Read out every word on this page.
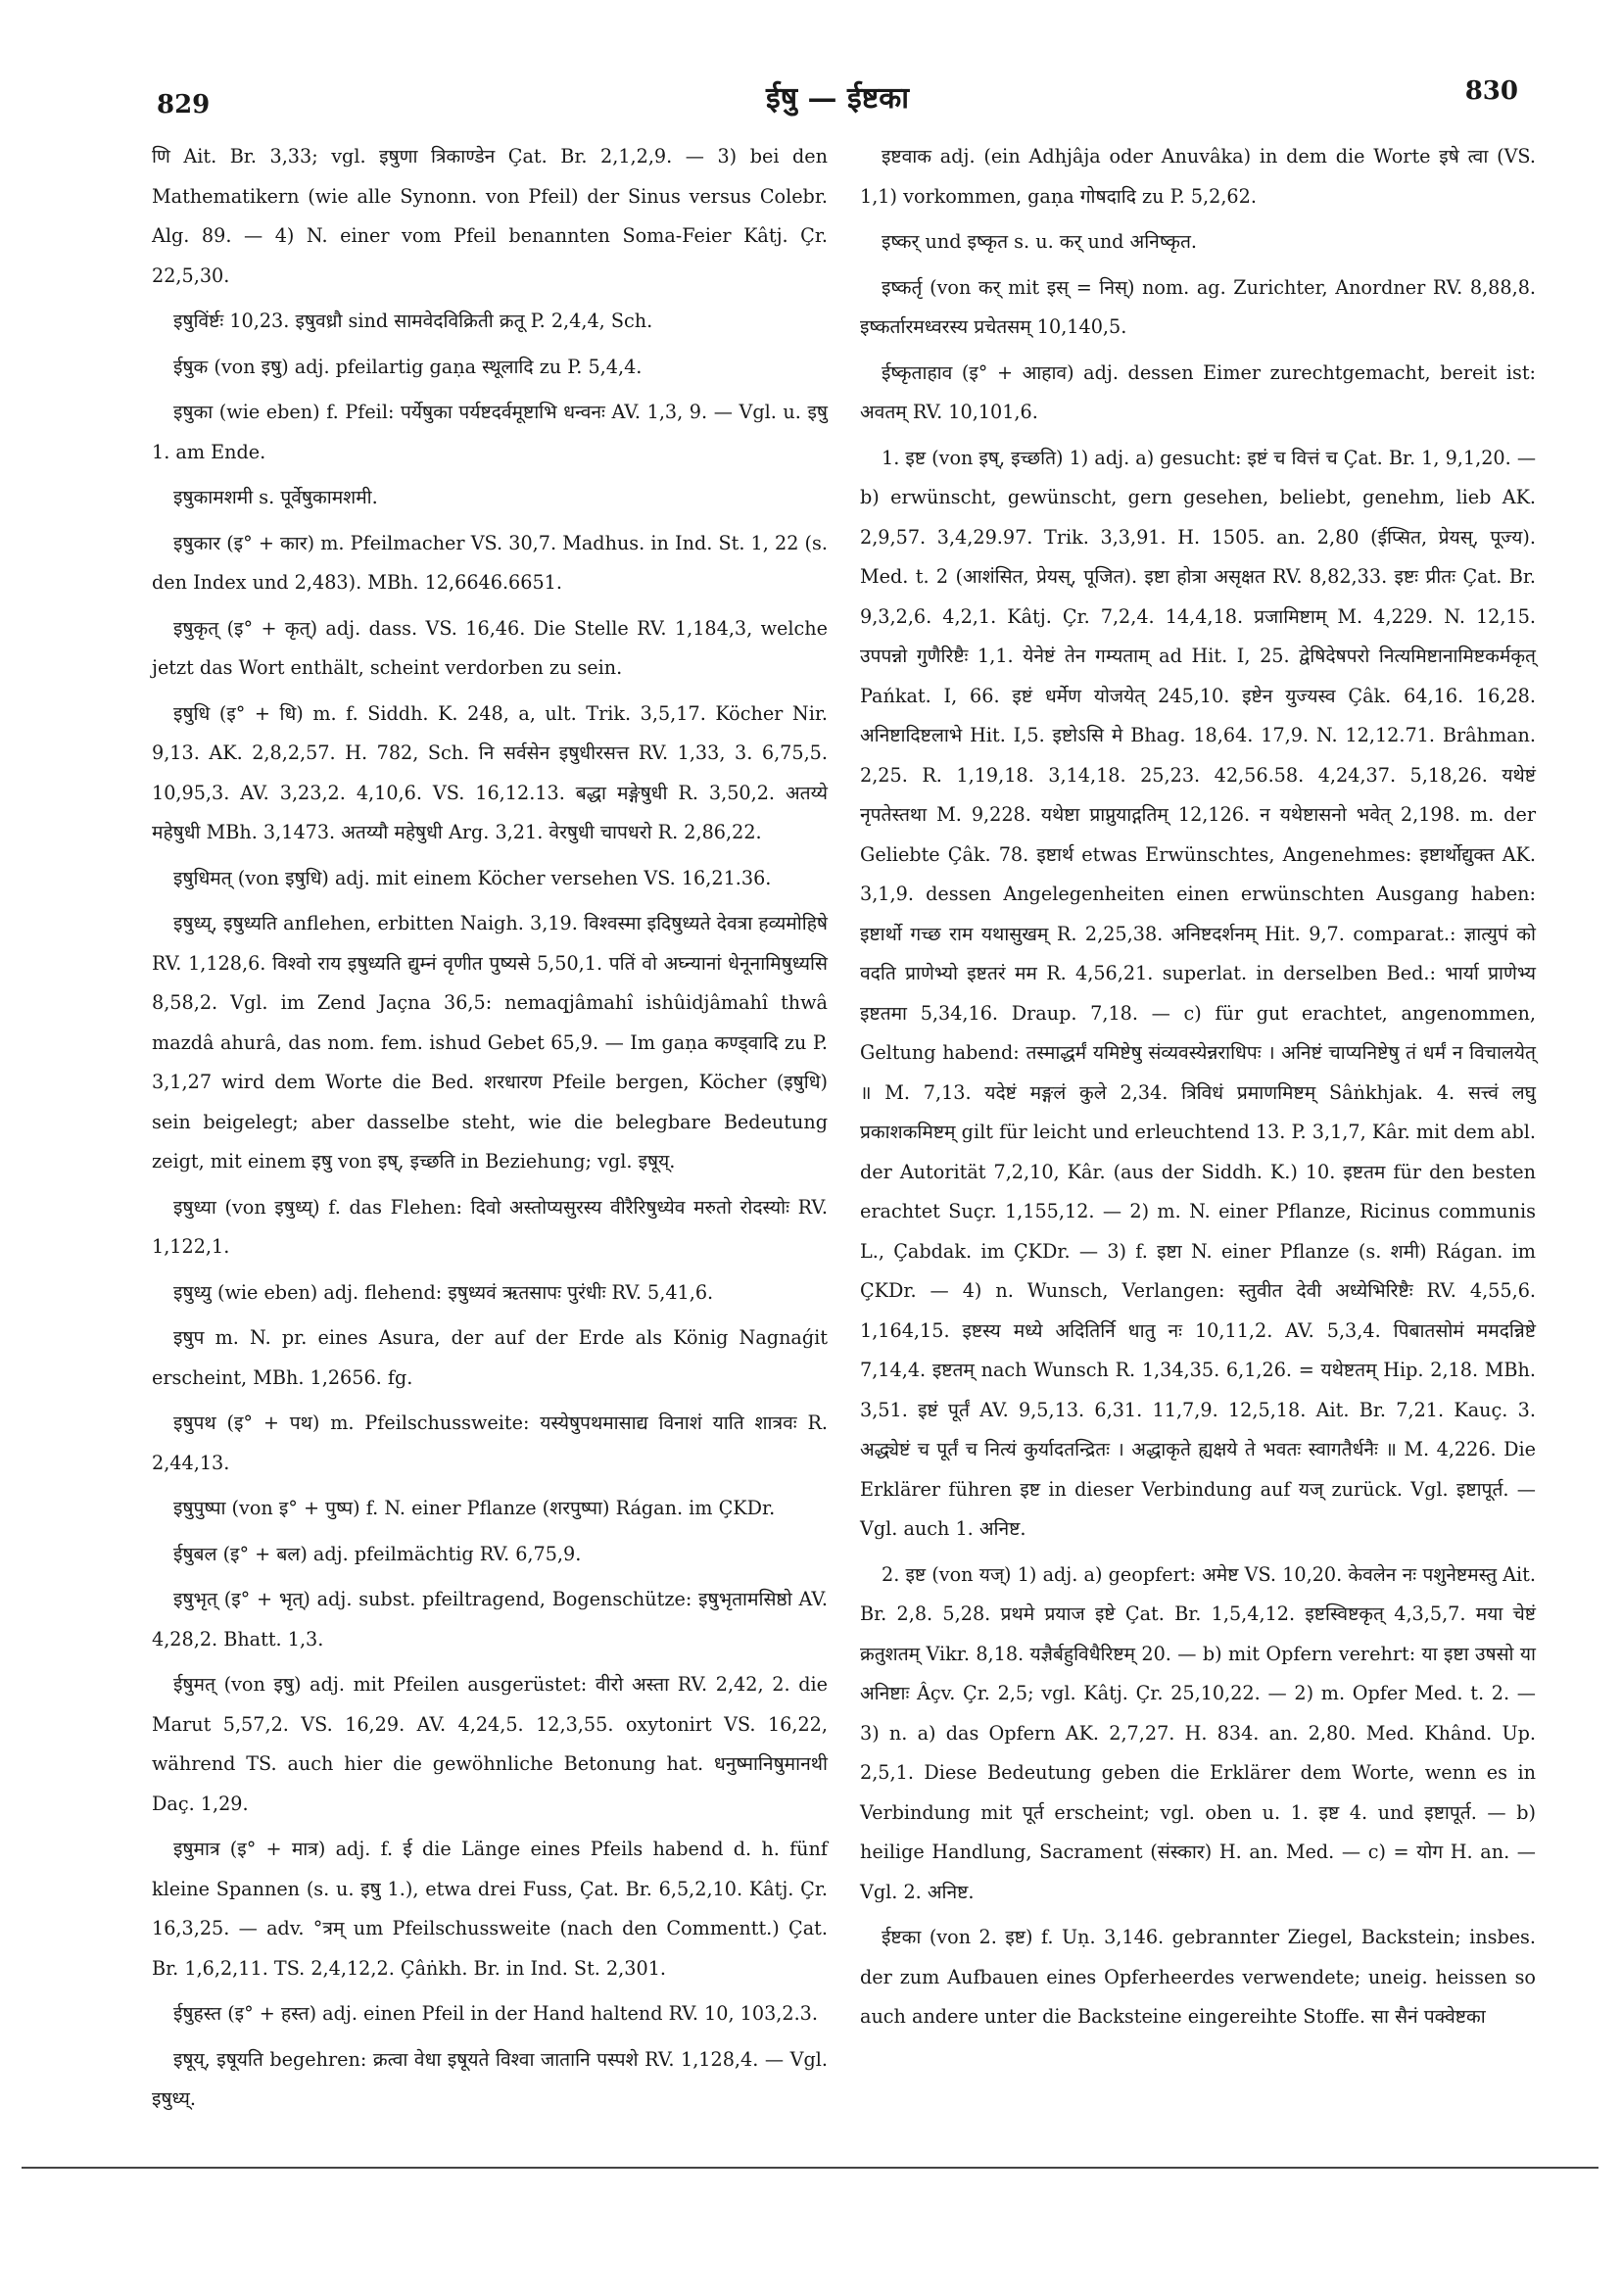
829	ईषु — ईष्टका	830

णि Ait. Br. 3,33; vgl. इषुणा त्रिकाण्डेन Çat. Br. 2,1,2,9. — 3) bei den Mathematikern (wie alle Synonn. von Pfeil) der Sinus versus Colebr. Alg. 89. — 4) N. einer vom Pfeil benannten Soma-Feier Kâtj. Çr. 22,5,30.

इषुविंर्ष्टः 10,23. इषुवध्रौ sind सामवेदविक्रिती क्रतू P. 2,4,4, Sch.

ईषुक (von इषु) adj. pfeilartig gaṇa स्थूलादि zu P. 5,4,4.

इषुका (wie eben) f. Pfeil: पर्येषुका पर्यष्टदर्वमूष्टाभि धन्वनः AV. 1,3, 9. — Vgl. u. इषु 1. am Ende.

इषुकामशमी s. पूर्वेषुकामशमी.

इषुकार (इ° + कार) m. Pfeilmacher VS. 30,7. Madhus. in Ind. St. 1, 22 (s. den Index und 2,483). MBh. 12,6646.6651.

इषुकृत् (इ° + कृत्) adj. dass. VS. 16,46. Die Stelle RV. 1,184,3, welche jetzt das Wort enthält, scheint verdorben zu sein.

इषुधि (इ° + धि) m. f. Siddh. K. 248, a, ult. Trik. 3,5,17. Köcher Nir. 9,13. AK. 2,8,2,57. H. 782, Sch. नि सर्वसेन इषुधीरसत्त RV. 1,33, 3. 6,75,5. 10,95,3. AV. 3,23,2. 4,10,6. VS. 16,12.13. बद्धा मङ्गेषुधी R. 3,50,2. अतय्ये महेषुधी MBh. 3,1473. अतय्यौ महेषुधी Arg. 3,21. वेरषुधी चापधरो R. 2,86,22.

इषुधिमत् (von इषुधि) adj. mit einem Köcher versehen VS. 16,21.36.

इषुध्य्, इषुध्यति anflehen, erbitten Naigh. 3,19. विश्वस्मा इदिषुध्यते देवत्रा हव्यमोहिषे RV. 1,128,6. विश्वो राय इषुध्यति द्युम्नं वृणीत पुष्यसे 5,50,1. पतिं वो अघ्न्यानां धेनूनामिषुध्यसि 8,58,2. Vgl. im Zend Jaçna 36,5: nemaqjâmahî ishûidjâmahî thwâ mazdâ ahurâ, das nom. fem. ishud Gebet 65,9. — Im gaṇa कण्ड्वादि zu P. 3,1,27 wird dem Worte die Bed. शरधारण Pfeile bergen, Köcher (इषुधि) sein beigelegt; aber dasselbe steht, wie die belegbare Bedeutung zeigt, mit einem इषु von इष्, इच्छति in Beziehung; vgl. इषूय्.

इषुध्या (von इषुध्य्) f. das Flehen: दिवो अस्तोप्यसुरस्य वीरैरिषुध्येव मरुतो रोदस्योः RV. 1,122,1.

इषुध्यु (wie eben) adj. flehend: इषुध्यवं ऋतसापः पुरंधीः RV. 5,41,6.

इषुप m. N. pr. eines Asura, der auf der Erde als König Nagnaǵit erscheint, MBh. 1,2656. fg.

इषुपथ (इ° + पथ) m. Pfeilschussweite: यस्येषुपथमासाद्य विनाशं याति शात्रवः R. 2,44,13.

इषुपुष्पा (von इ° + पुष्प) f. N. einer Pflanze (शरपुष्पा) Rágan. im ÇKDr.

ईषुबल (इ° + बल) adj. pfeilmächtig RV. 6,75,9.

इषुभृत् (इ° + भृत्) adj. subst. pfeiltragend, Bogenschütze: इषुभृतामसिष्ठो AV. 4,28,2. Bhatt. 1,3.

ईषुमत् (von इषु) adj. mit Pfeilen ausgerüstet: वीरो अस्ता RV. 2,42, 2. die Marut 5,57,2. VS. 16,29. AV. 4,24,5. 12,3,55. oxytonirt VS. 16,22, während TS. auch hier die gewöhnliche Betonung hat. धनुष्मानिषुमानथी Daç. 1,29.

इषुमात्र (इ° + मात्र) adj. f. ई die Länge eines Pfeils habend d. h. fünf kleine Spannen (s. u. इषु 1.), etwa drei Fuss, Çat. Br. 6,5,2,10. Kâtj. Çr. 16,3,25. — adv. °त्रम् um Pfeilschussweite (nach den Commentt.) Çat. Br. 1,6,2,11. TS. 2,4,12,2. Çâṅkh. Br. in Ind. St. 2,301.

ईषुहस्त (इ° + हस्त) adj. einen Pfeil in der Hand haltend RV. 10, 103,2.3.

इषूय्, इषूयति begehren: क्रत्वा वेधा इषूयते विश्वा जातानि पस्पशे RV. 1,128,4. — Vgl. इषुध्य्.

इष्टवाक adj. (ein Adhjâja oder Anuvâka) in dem die Worte इषे त्वा (VS. 1,1) vorkommen, gaṇa गोषदादि zu P. 5,2,62.

इष्कर् und इष्कृत s. u. कर् und अनिष्कृत.

इष्कर्तृ (von कर् mit इस् = निस्) nom. ag. Zurichter, Anordner RV. 8,88,8. इष्कर्तारमध्वरस्य प्रचेतसम् 10,140,5.

ईष्कृताहाव (इ° + आहाव) adj. dessen Eimer zurechtgemacht, bereit ist: अवतम् RV. 10,101,6.

1. इष्ट (von इष्, इच्छति) 1) adj. a) gesucht: इष्टं च वित्तं च Çat. Br. 1, 9,1,20. — b) erwünscht, gewünscht, gern gesehen, beliebt, genehm, lieb AK. 2,9,57. 3,4,29.97. Trik. 3,3,91. H. 1505. an. 2,80 (ईप्सित, प्रेयस्, पूज्य). Med. t. 2 (आशंसित, प्रेयस्, पूजित). इष्टा होत्रा असृक्षत RV. 8,82,33. इष्टः प्रीतः Çat. Br. 9,3,2,6. 4,2,1. Kâtj. Çr. 7,2,4. 14,4,18. प्रजामिष्टाम् M. 4,229. N. 12,15. उपपन्नो गुणैरिष्टैः 1,1. येनेष्टं तेन गम्यताम् ad Hit. I, 25. द्वेषिदेषपरो नित्यमिष्टानामिष्टकर्मकृत् Pańkat. I, 66. इष्टं धर्मेण योजयेत् 245,10. इष्टेन युज्यस्व Çâk. 64,16. 16,28. अनिष्टादिष्टलाभे Hit. I,5. इष्टोऽसि मे Bhag. 18,64. 17,9. N. 12,12.71. Brâhman. 2,25. R. 1,19,18. 3,14,18. 25,23. 42,56.58. 4,24,37. 5,18,26. यथेष्टं नृपतेस्तथा M. 9,228. यथेष्टा प्राप्नुयाद्गतिम् 12,126. न यथेष्टासनो भवेत् 2,198. m. der Geliebte Çâk. 78. इष्टार्थ etwas Erwünschtes, Angenehmes: इष्टार्थोद्युक्त AK. 3,1,9. dessen Angelegenheiten einen erwünschten Ausgang haben: इष्टार्थो गच्छ राम यथासुखम् R. 2,25,38. अनिष्टदर्शनम् Hit. 9,7. comparat.: ज्ञात्युपं को वदति प्राणेभ्यो इष्टतरं मम R. 4,56,21. superlat. in derselben Bed.: भार्या प्राणेभ्य इष्टतमा 5,34,16. Draup. 7,18. — c) für gut erachtet, angenommen, Geltung habend: तस्माद्धर्मं यमिष्टेषु संव्यवस्येन्नराधिपः । अनिष्टं चाप्यनिष्टेषु तं धर्मं न विचालयेत् ॥ M. 7,13. यदेष्टं मङ्गलं कुले 2,34. त्रिविधं प्रमाणमिष्टम् Sâṅkhjak. 4. सत्त्वं लघु प्रकाशकमिष्टम् gilt für leicht und erleuchtend 13. P. 3,1,7, Kâr. mit dem abl. der Autorität 7,2,10, Kâr. (aus der Siddh. K.) 10. इष्टतम für den besten erachtet Suçr. 1,155,12. — 2) m. N. einer Pflanze, Ricinus communis L., Çabdak. im ÇKDr. — 3) f. इष्टा N. einer Pflanze (s. शमी) Rágan. im ÇKDr. — 4) n. Wunsch, Verlangen: स्तुवीत देवी अध्येभिरिष्टैः RV. 4,55,6. 1,164,15. इष्टस्य मध्ये अदितिर्नि धातु नः 10,11,2. AV. 5,3,4. पिबातसोमं ममदन्निष्टे 7,14,4. इष्टतम् nach Wunsch R. 1,34,35. 6,1,26. = यथेष्टतम् Hip. 2,18. MBh. 3,51. इष्टं पूर्तं AV. 9,5,13. 6,31. 11,7,9. 12,5,18. Ait. Br. 7,21. Kauç. 3. अद्ध्येष्टं च पूर्तं च नित्यं कुर्यादतन्द्रितः । अद्धाकृते ह्यक्षये ते भवतः स्वागतैर्धनैः ॥ M. 4,226. Die Erklärer führen इष्ट in dieser Verbindung auf यज् zurück. Vgl. इष्टापूर्त. — Vgl. auch 1. अनिष्ट.

2. इष्ट (von यज्) 1) adj. a) geopfert: अमेष्ट VS. 10,20. केवलेन नः पशुनेष्टमस्तु Ait. Br. 2,8. 5,28. प्रथमे प्रयाज इष्टे Çat. Br. 1,5,4,12. इष्टस्विष्टकृत् 4,3,5,7. मया चेष्टं क्रतुशतम् Vikr. 8,18. यज्ञैर्बहुविधैरिष्टम् 20. — b) mit Opfern verehrt: या इष्टा उषसो या अनिष्टाः Âçv. Çr. 2,5; vgl. Kâtj. Çr. 25,10,22. — 2) m. Opfer Med. t. 2. — 3) n. a) das Opfern AK. 2,7,27. H. 834. an. 2,80. Med. Khând. Up. 2,5,1. Diese Bedeutung geben die Erklärer dem Worte, wenn es in Verbindung mit पूर्त erscheint; vgl. oben u. 1. इष्ट 4. und इष्टापूर्त. — b) heilige Handlung, Sacrament (संस्कार) H. an. Med. — c) = योग H. an. — Vgl. 2. अनिष्ट.

ईष्टका (von 2. इष्ट) f. Uṇ. 3,146. gebrannter Ziegel, Backstein; insbes. der zum Aufbauen eines Opferheerdes verwendete; uneig. heissen so auch andere unter die Backsteine eingereihte Stoffe. सा सैनं पक्वेष्टका
